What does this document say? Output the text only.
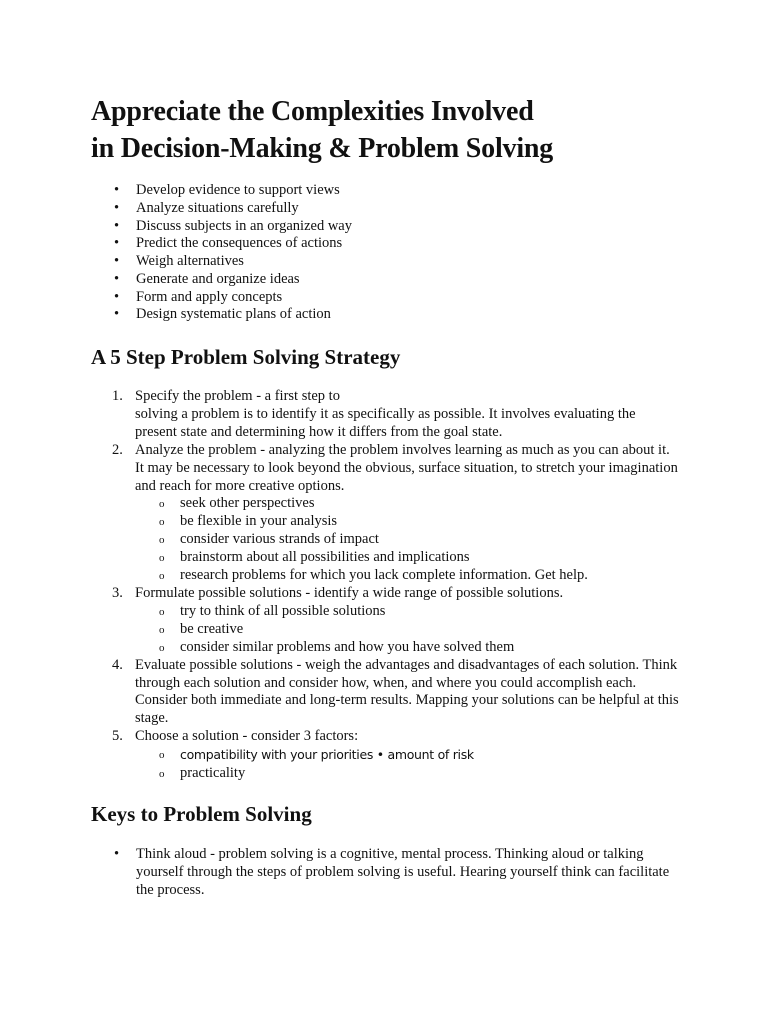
Appreciate the Complexities Involved
in Decision-Making & Problem Solving
• Develop evidence to support views
• Analyze situations carefully
• Discuss subjects in an organized way
• Predict the consequences of actions
• Weigh alternatives
• Generate and organize ideas
• Form and apply concepts
• Design systematic plans of action
A 5 Step Problem Solving Strategy
1. Specify the problem - a first step to
solving a problem is to identify it as specifically as possible. It involves evaluating the present state and determining how it differs from the goal state.
2. Analyze the problem - analyzing the problem involves learning as much as you can about it. It may be necessary to look beyond the obvious, surface situation, to stretch your imagination and reach for more creative options.
o seek other perspectives
o be flexible in your analysis
o consider various strands of impact
o brainstorm about all possibilities and implications
o research problems for which you lack complete information. Get help.
3. Formulate possible solutions - identify a wide range of possible solutions.
o try to think of all possible solutions
o be creative
o consider similar problems and how you have solved them
4. Evaluate possible solutions - weigh the advantages and disadvantages of each solution. Think through each solution and consider how, when, and where you could accomplish each. Consider both immediate and long-term results. Mapping your solutions can be helpful at this stage.
5. Choose a solution - consider 3 factors:
o compatibility with your priorities • amount of risk
o practicality
Keys to Problem Solving
• Think aloud - problem solving is a cognitive, mental process. Thinking aloud or talking yourself through the steps of problem solving is useful. Hearing yourself think can facilitate the process.
